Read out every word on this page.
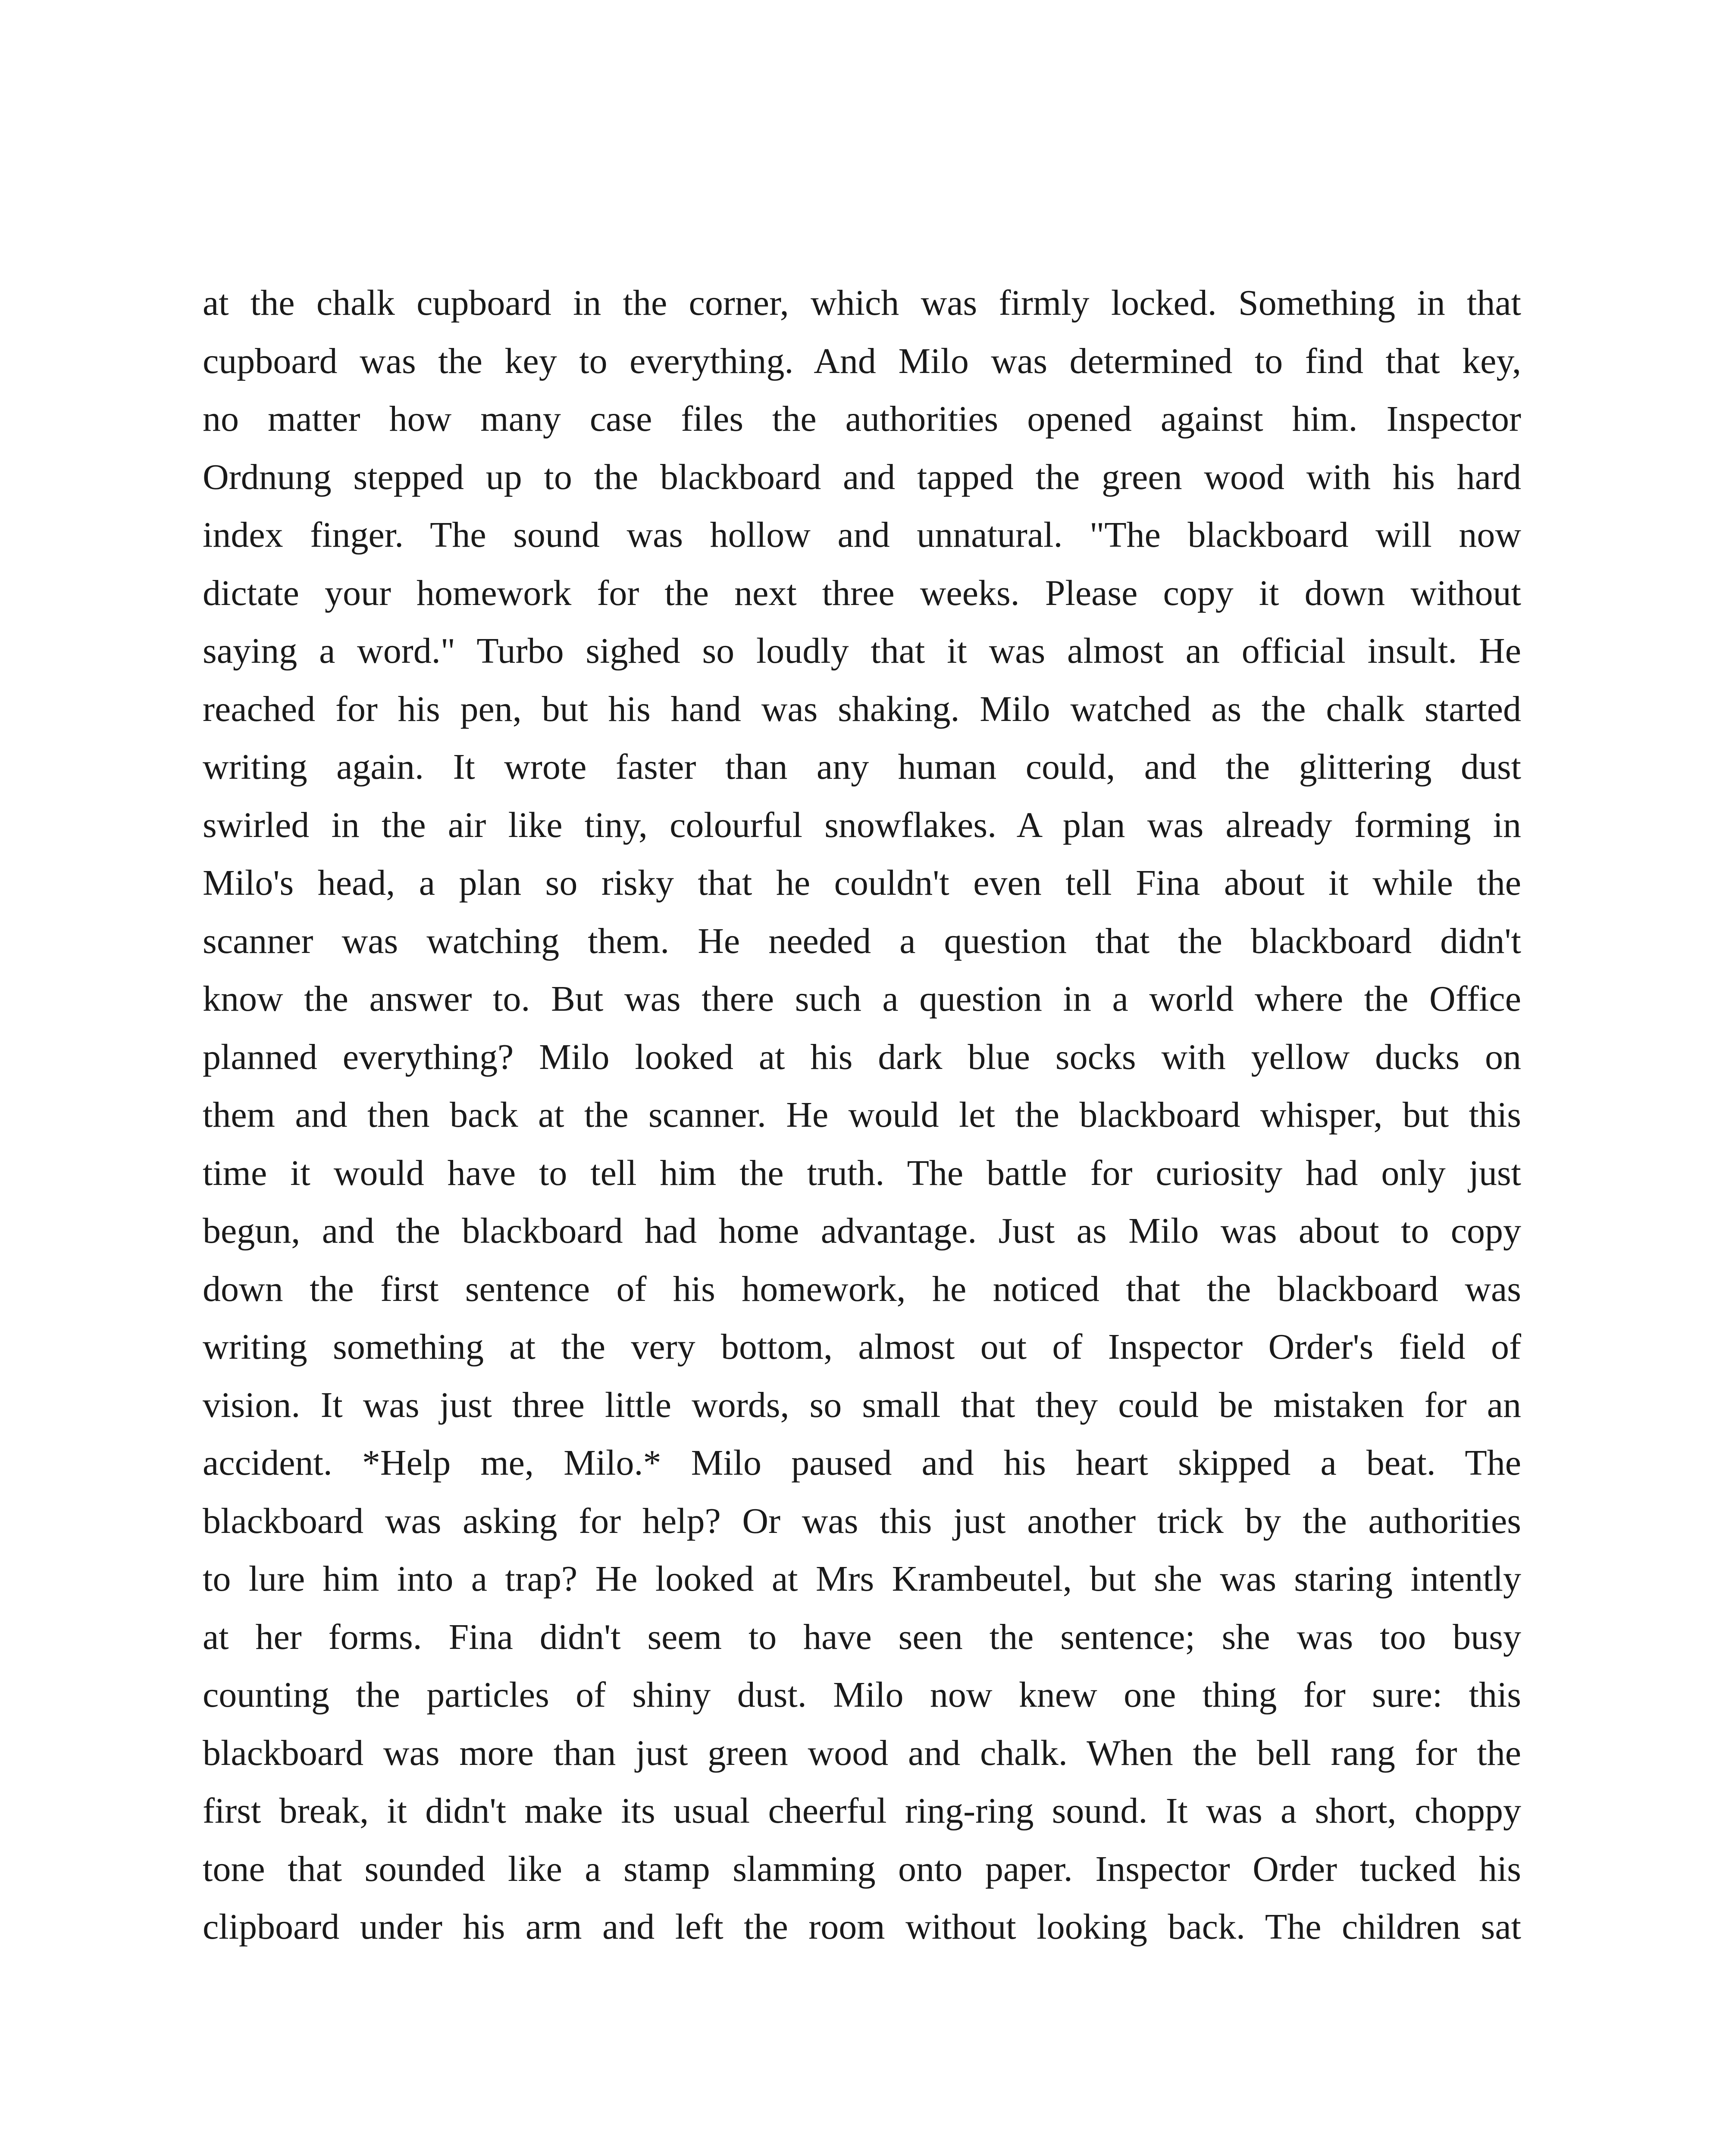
at the chalk cupboard in the corner, which was firmly locked. Something in that
cupboard was the key to everything. And Milo was determined to find that key,
no matter how many case files the authorities opened against him. Inspector
Ordnung stepped up to the blackboard and tapped the green wood with his hard
index finger. The sound was hollow and unnatural. "The blackboard will now
dictate your homework for the next three weeks. Please copy it down without
saying a word." Turbo sighed so loudly that it was almost an official insult. He
reached for his pen, but his hand was shaking. Milo watched as the chalk started
writing again. It wrote faster than any human could, and the glittering dust
swirled in the air like tiny, colourful snowflakes. A plan was already forming in
Milo's head, a plan so risky that he couldn't even tell Fina about it while the
scanner was watching them. He needed a question that the blackboard didn't
know the answer to. But was there such a question in a world where the Office
planned everything? Milo looked at his dark blue socks with yellow ducks on
them and then back at the scanner. He would let the blackboard whisper, but this
time it would have to tell him the truth. The battle for curiosity had only just
begun, and the blackboard had home advantage. Just as Milo was about to copy
down the first sentence of his homework, he noticed that the blackboard was
writing something at the very bottom, almost out of Inspector Order's field of
vision. It was just three little words, so small that they could be mistaken for an
accident. *Help me, Milo.* Milo paused and his heart skipped a beat. The
blackboard was asking for help? Or was this just another trick by the authorities
to lure him into a trap? He looked at Mrs Krambeutel, but she was staring intently
at her forms. Fina didn't seem to have seen the sentence; she was too busy
counting the particles of shiny dust. Milo now knew one thing for sure: this
blackboard was more than just green wood and chalk. When the bell rang for the
first break, it didn't make its usual cheerful ring-ring sound. It was a short, choppy
tone that sounded like a stamp slamming onto paper. Inspector Order tucked his
clipboard under his arm and left the room without looking back. The children sat
